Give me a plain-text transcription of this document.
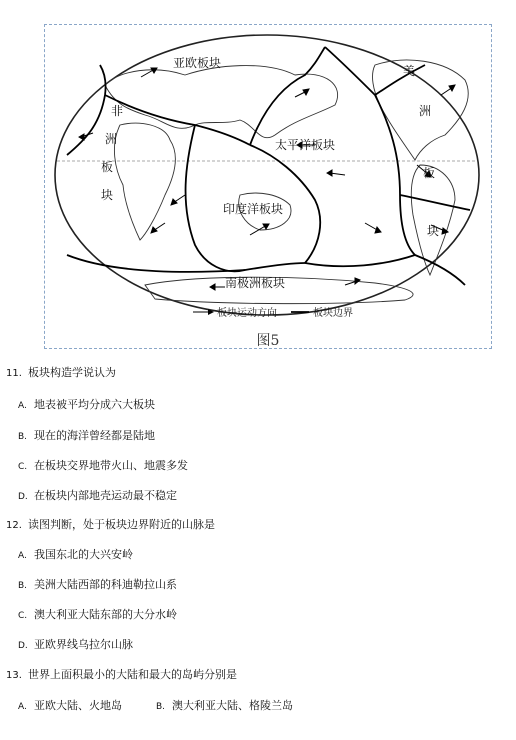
亚欧板块
非
洲
板
块
太平洋板块
印度洋板块
南极洲板块
美
洲
板
块
板块运动方向	板块边界
图5
11. 板块构造学说认为
A. 地表被平均分成六大板块
B. 现在的海洋曾经都是陆地
C. 在板块交界地带火山、地震多发
D. 在板块内部地壳运动最不稳定
12. 读图判断，处于板块边界附近的山脉是
A. 我国东北的大兴安岭
B. 美洲大陆西部的科迪勒拉山系
C. 澳大利亚大陆东部的大分水岭
D. 亚欧界线乌拉尔山脉
13. 世界上面积最小的大陆和最大的岛屿分别是
A. 亚欧大陆、火地岛	B. 澳大利亚大陆、格陵兰岛
